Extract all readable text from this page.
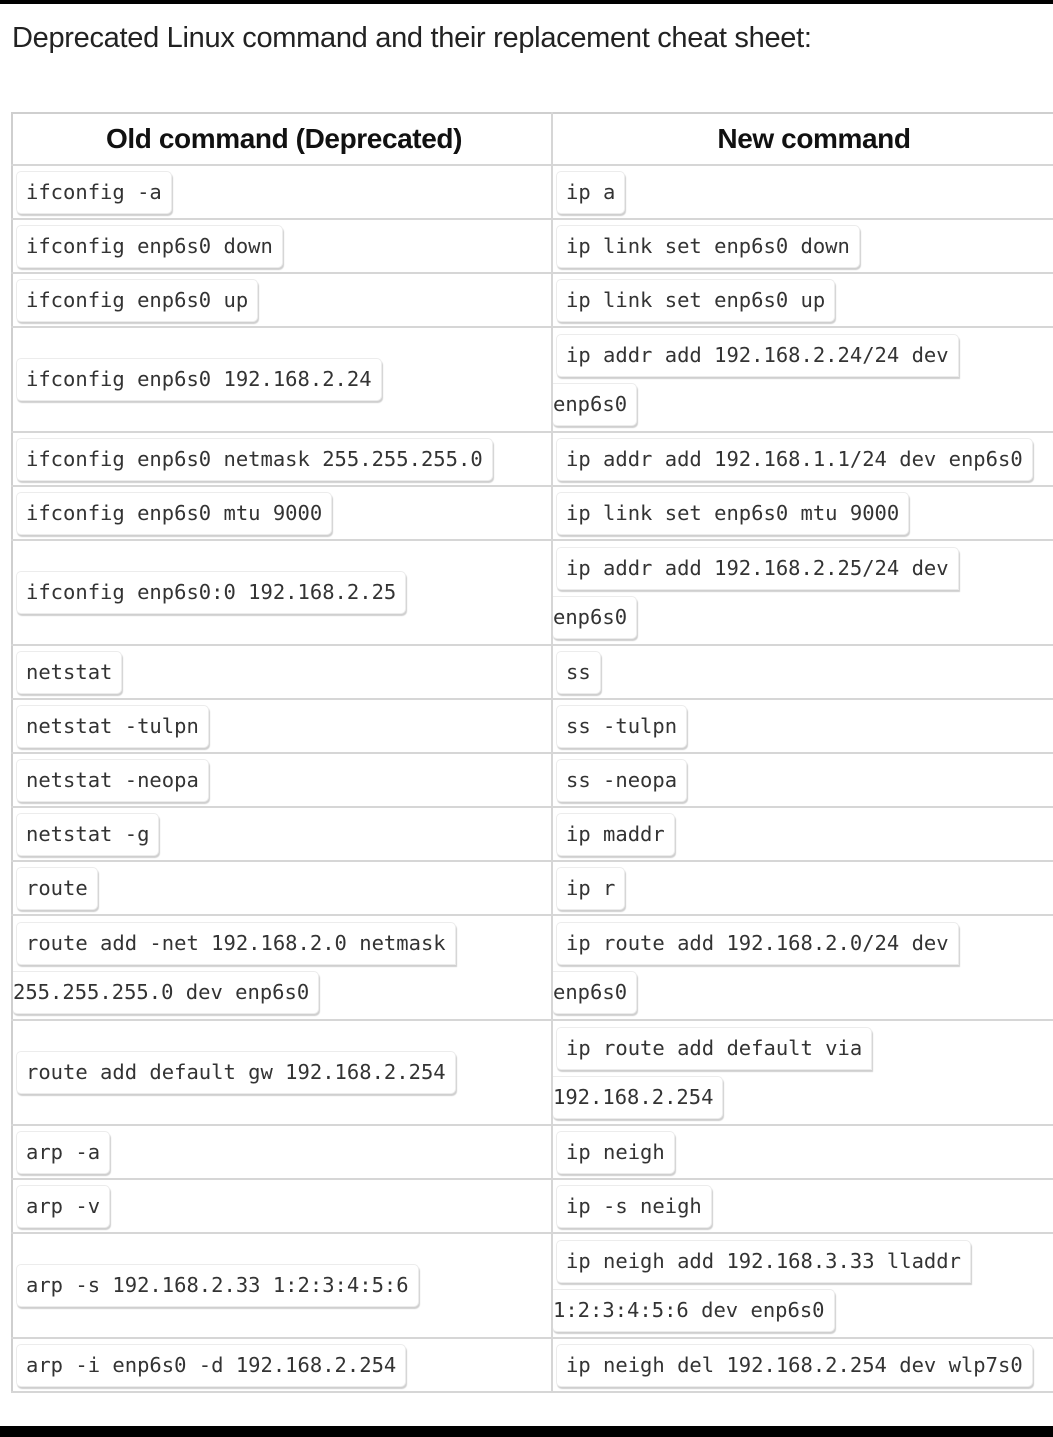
Deprecated Linux command and their replacement cheat sheet:
Old command (Deprecated)	New command
ifconfig -a	ip a
ifconfig enp6s0 down	ip link set enp6s0 down
ifconfig enp6s0 up	ip link set enp6s0 up
ifconfig enp6s0 192.168.2.24	ip addr add 192.168.2.24/24 dev
enp6s0

ifconfig enp6s0 netmask 255.255.255.0	ip addr add 192.168.1.1/24 dev enp6s0
ifconfig enp6s0 mtu 9000	ip link set enp6s0 mtu 9000
ifconfig enp6s0:0 192.168.2.25	ip addr add 192.168.2.25/24 dev
enp6s0

netstat	ss
netstat -tulpn	ss -tulpn
netstat -neopa	ss -neopa
netstat -g	ip maddr
route	ip r

route add -net 192.168.2.0 netmask
255.255.255.0 dev enp6s0	ip route add 192.168.2.0/24 dev
enp6s0

route add default gw 192.168.2.254	ip route add default via
192.168.2.254

arp -a	ip neigh
arp -v	ip -s neigh
arp -s 192.168.2.33 1:2:3:4:5:6	ip neigh add 192.168.3.33 lladdr
1:2:3:4:5:6 dev enp6s0

arp -i enp6s0 -d 192.168.2.254	ip neigh del 192.168.2.254 dev wlp7s0
